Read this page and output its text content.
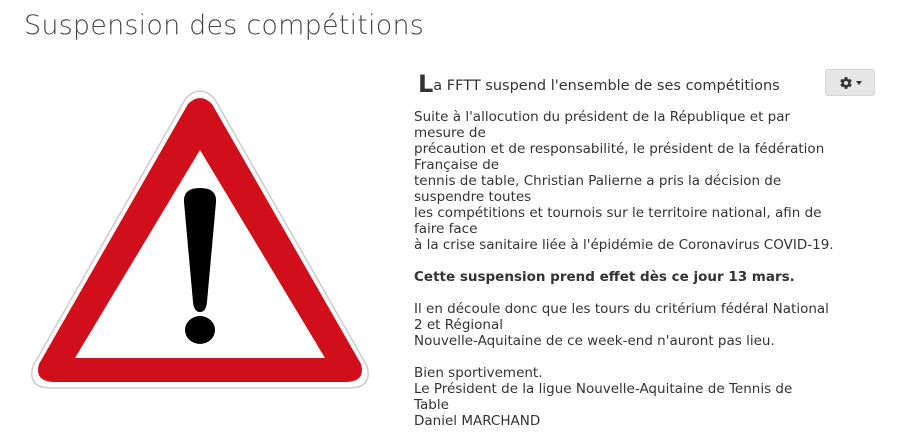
Suspension des compétitions

La FFTT suspend l'ensemble de ses compétitions

Suite à l'allocution du président de la République et par
mesure de
précaution et de responsabilité, le président de la fédération
Française de
tennis de table, Christian Palierne a pris la décision de
suspendre toutes
les compétitions et tournois sur le territoire national, afin de
faire face
à la crise sanitaire liée à l'épidémie de Coronavirus COVID-19.
Cette suspension prend effet dès ce jour 13 mars.
Il en découle donc que les tours du critérium fédéral National
2 et Régional
Nouvelle-Aquitaine de ce week-end n'auront pas lieu.
Bien sportivement.
Le Président de la ligue Nouvelle-Aquitaine de Tennis de
Table
Daniel MARCHAND
